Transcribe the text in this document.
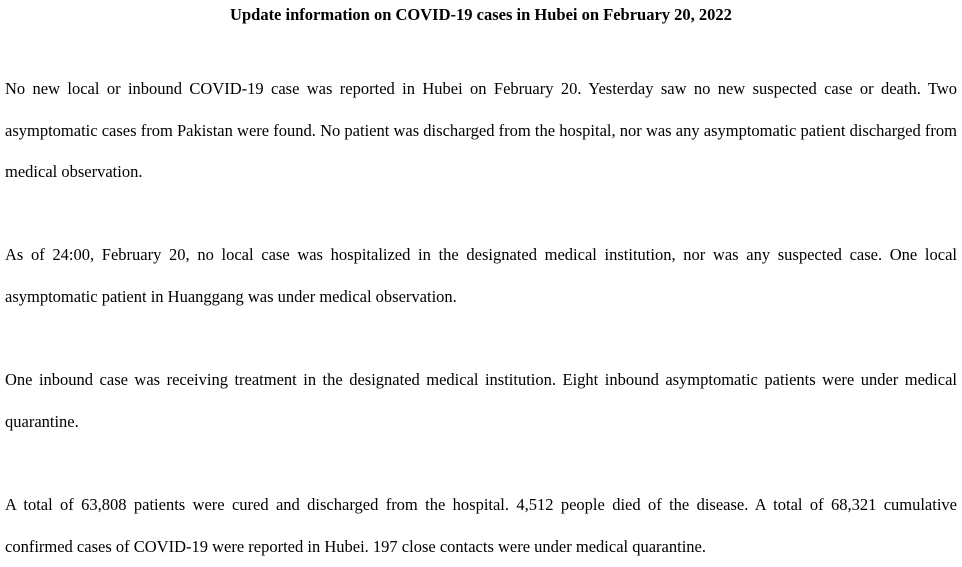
Update information on COVID-19 cases in Hubei on February 20, 2022

No new local or inbound COVID-19 case was reported in Hubei on February 20. Yesterday saw no new suspected case or death. Two asymptomatic cases from Pakistan were found. No patient was discharged from the hospital, nor was any asymptomatic patient discharged from medical observation.

As of 24:00, February 20, no local case was hospitalized in the designated medical institution, nor was any suspected case. One local asymptomatic patient in Huanggang was under medical observation.

One inbound case was receiving treatment in the designated medical institution. Eight inbound asymptomatic patients were under medical quarantine.

A total of 63,808 patients were cured and discharged from the hospital. 4,512 people died of the disease. A total of 68,321 cumulative confirmed cases of COVID-19 were reported in Hubei. 197 close contacts were under medical quarantine.
